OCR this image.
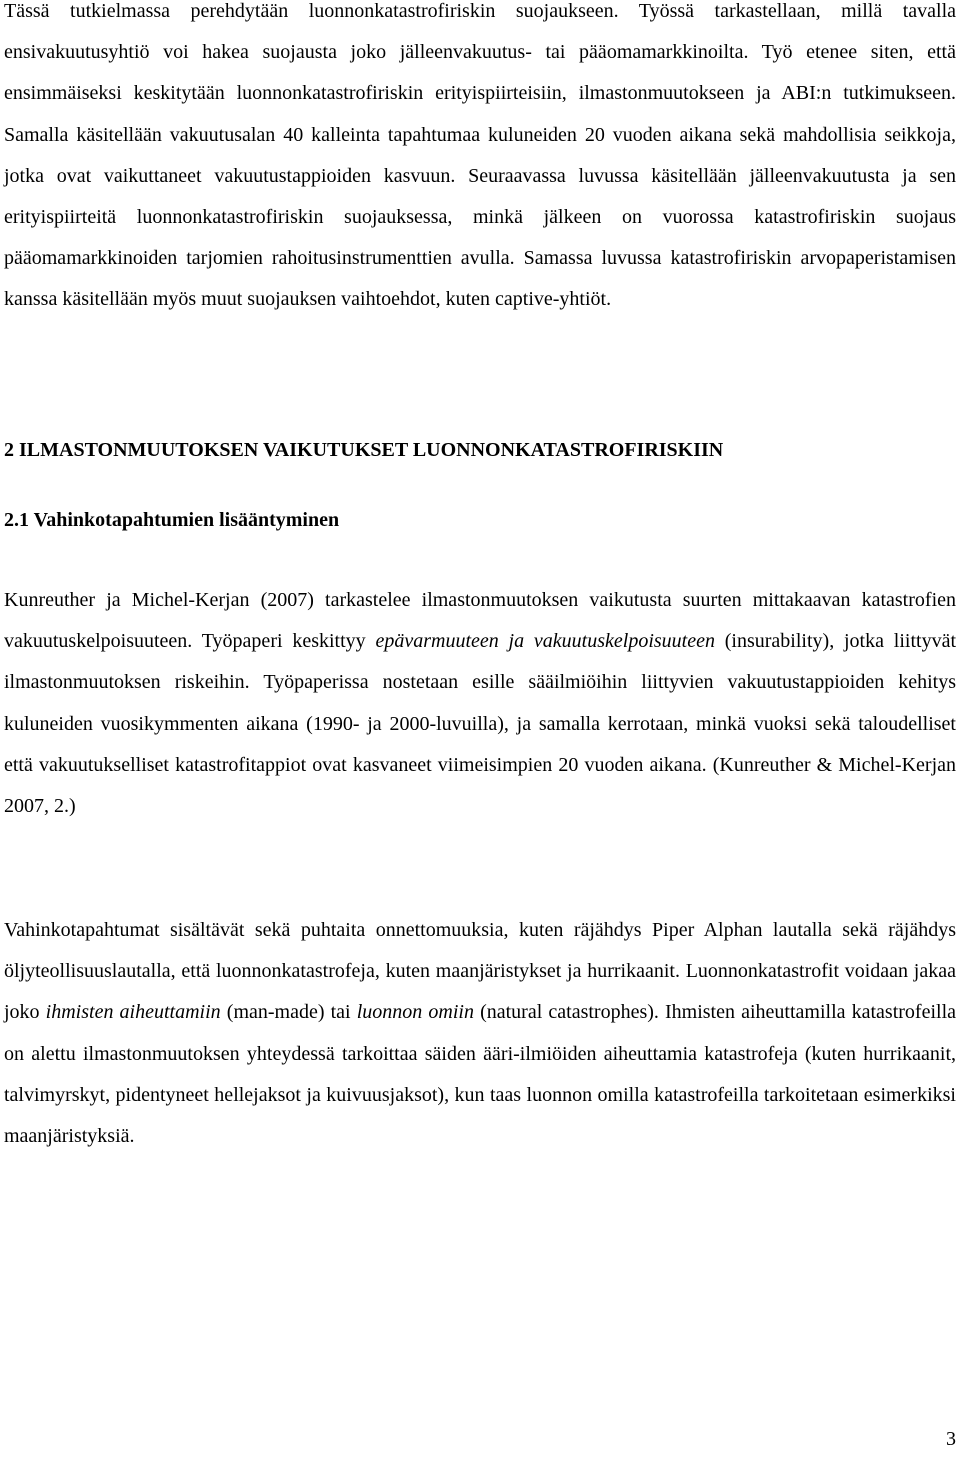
Tässä tutkielmassa perehdytään luonnonkatastrofiriskin suojaukseen. Työssä tarkastellaan, millä tavalla ensivakuutusyhtiö voi hakea suojausta joko jälleenvakuutus- tai pääomamarkkinoilta. Työ etenee siten, että ensimmäiseksi keskitytään luonnonkatastrofiriskin erityispiirteisiin, ilmastonmuutokseen ja ABI:n tutkimukseen. Samalla käsitellään vakuutusalan 40 kalleinta tapahtumaa kuluneiden 20 vuoden aikana sekä mahdollisia seikkoja, jotka ovat vaikuttaneet vakuutustappioiden kasvuun. Seuraavassa luvussa käsitellään jälleenvakuutusta ja sen erityispiirteitä luonnonkatastrofiriskin suojauksessa, minkä jälkeen on vuorossa katastrofiriskin suojaus pääomamarkkinoiden tarjomien rahoitusinstrumenttien avulla. Samassa luvussa katastrofiriskin arvopaperistamisen kanssa käsitellään myös muut suojauksen vaihtoehdot, kuten captive-yhtiöt.

2 ILMASTONMUUTOKSEN VAIKUTUKSET LUONNONKATASTROFIRISKIIN
2.1 Vahinkotapahtumien lisääntyminen

Kunreuther ja Michel-Kerjan (2007) tarkastelee ilmastonmuutoksen vaikutusta suurten mittakaavan katastrofien vakuutuskelpoisuuteen. Työpaperi keskittyy epävarmuuteen ja vakuutuskelpoisuuteen (insurability), jotka liittyvät ilmastonmuutoksen riskeihin. Työpaperissa nostetaan esille sääilmiöihin liittyvien vakuutustappioiden kehitys kuluneiden vuosikymmenten aikana (1990- ja 2000-luvuilla), ja samalla kerrotaan, minkä vuoksi sekä taloudelliset että vakuutukselliset katastrofitappiot ovat kasvaneet viimeisimpien 20 vuoden aikana. (Kunreuther & Michel-Kerjan 2007, 2.)

Vahinkotapahtumat sisältävät sekä puhtaita onnettomuuksia, kuten räjähdys Piper Alphan lautalla sekä räjähdys öljyteollisuuslautalla, että luonnonkatastrofeja, kuten maanjäristykset ja hurrikaanit. Luonnonkatastrofit voidaan jakaa joko ihmisten aiheuttamiin (man-made) tai luonnon omiin (natural catastrophes). Ihmisten aiheuttamilla katastrofeilla on alettu ilmastonmuutoksen yhteydessä tarkoittaa säiden ääri-ilmiöiden aiheuttamia katastrofeja (kuten hurrikaanit, talvimyrskyt, pidentyneet hellejaksot ja kuivuusjaksot), kun taas luonnon omilla katastrofeilla tarkoitetaan esimerkiksi maanjäristyksiä.

3
